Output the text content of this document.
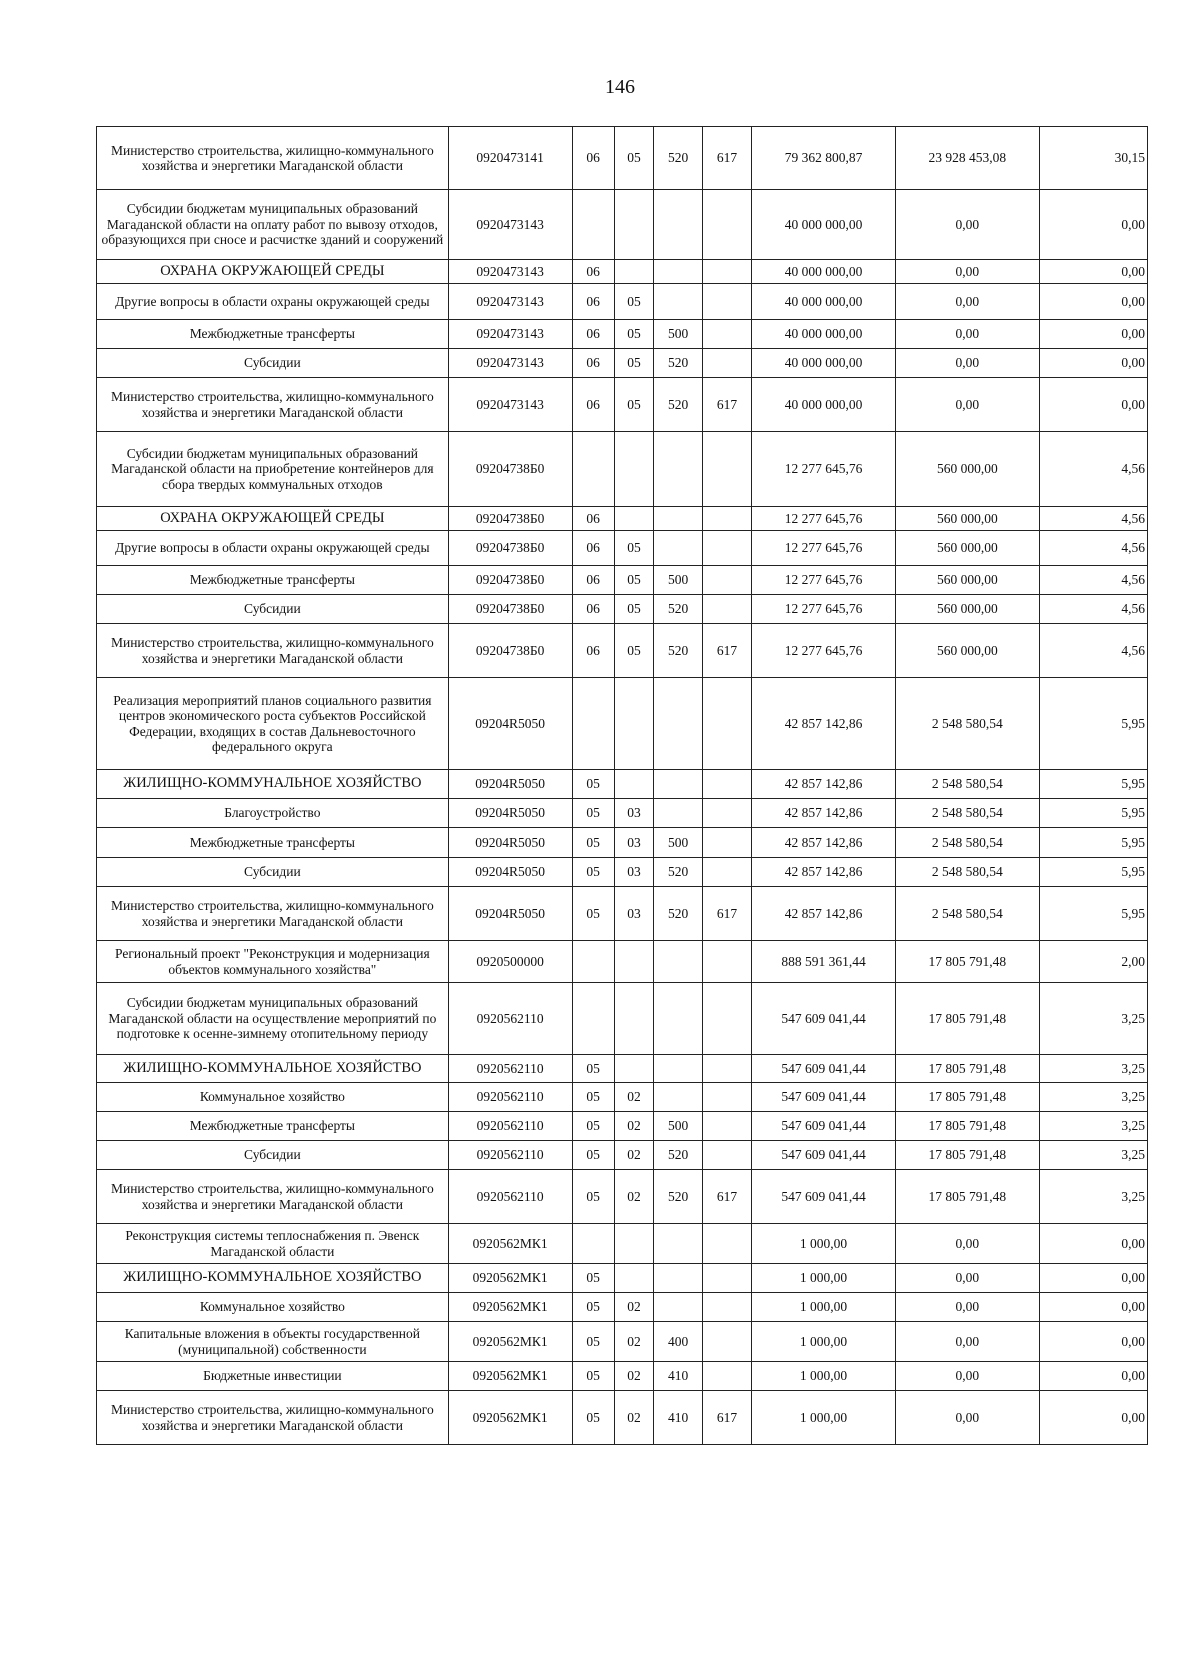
146
Министерство строительства, жилищно-коммунального хозяйства и энергетики Магаданской области	0920473141	06	05	520	617	79 362 800,87	23 928 453,08	30,15
Субсидии бюджетам муниципальных образований Магаданской области на оплату работ по вывозу отходов, образующихся при сносе и расчистке зданий и сооружений	0920473143					40 000 000,00	0,00	0,00
ОХРАНА ОКРУЖАЮЩЕЙ СРЕДЫ	0920473143	06				40 000 000,00	0,00	0,00
Другие вопросы в области охраны окружающей среды	0920473143	06	05			40 000 000,00	0,00	0,00
Межбюджетные трансферты	0920473143	06	05	500		40 000 000,00	0,00	0,00
Субсидии	0920473143	06	05	520		40 000 000,00	0,00	0,00
Министерство строительства, жилищно-коммунального хозяйства и энергетики Магаданской области	0920473143	06	05	520	617	40 000 000,00	0,00	0,00
Субсидии бюджетам муниципальных образований Магаданской области на приобретение контейнеров для сбора твердых коммунальных отходов	09204738Б0					12 277 645,76	560 000,00	4,56
ОХРАНА ОКРУЖАЮЩЕЙ СРЕДЫ	09204738Б0	06				12 277 645,76	560 000,00	4,56
Другие вопросы в области охраны окружающей среды	09204738Б0	06	05			12 277 645,76	560 000,00	4,56
Межбюджетные трансферты	09204738Б0	06	05	500		12 277 645,76	560 000,00	4,56
Субсидии	09204738Б0	06	05	520		12 277 645,76	560 000,00	4,56
Министерство строительства, жилищно-коммунального хозяйства и энергетики Магаданской области	09204738Б0	06	05	520	617	12 277 645,76	560 000,00	4,56
Реализация мероприятий планов социального развития центров экономического роста субъектов Российской Федерации, входящих в состав Дальневосточного федерального округа	09204R5050					42 857 142,86	2 548 580,54	5,95
ЖИЛИЩНО-КОММУНАЛЬНОЕ ХОЗЯЙСТВО	09204R5050	05				42 857 142,86	2 548 580,54	5,95
Благоустройство	09204R5050	05	03			42 857 142,86	2 548 580,54	5,95
Межбюджетные трансферты	09204R5050	05	03	500		42 857 142,86	2 548 580,54	5,95
Субсидии	09204R5050	05	03	520		42 857 142,86	2 548 580,54	5,95
Министерство строительства, жилищно-коммунального хозяйства и энергетики Магаданской области	09204R5050	05	03	520	617	42 857 142,86	2 548 580,54	5,95
Региональный проект "Реконструкция и модернизация объектов коммунального хозяйства"	0920500000					888 591 361,44	17 805 791,48	2,00
Субсидии бюджетам муниципальных образований Магаданской области на осуществление мероприятий по подготовке к осенне-зимнему отопительному периоду	0920562110					547 609 041,44	17 805 791,48	3,25
ЖИЛИЩНО-КОММУНАЛЬНОЕ ХОЗЯЙСТВО	0920562110	05				547 609 041,44	17 805 791,48	3,25
Коммунальное хозяйство	0920562110	05	02			547 609 041,44	17 805 791,48	3,25
Межбюджетные трансферты	0920562110	05	02	500		547 609 041,44	17 805 791,48	3,25
Субсидии	0920562110	05	02	520		547 609 041,44	17 805 791,48	3,25
Министерство строительства, жилищно-коммунального хозяйства и энергетики Магаданской области	0920562110	05	02	520	617	547 609 041,44	17 805 791,48	3,25
Реконструкция системы теплоснабжения п. Эвенск Магаданской области	0920562МК1					1 000,00	0,00	0,00
ЖИЛИЩНО-КОММУНАЛЬНОЕ ХОЗЯЙСТВО	0920562МК1	05				1 000,00	0,00	0,00
Коммунальное хозяйство	0920562МК1	05	02			1 000,00	0,00	0,00
Капитальные вложения в объекты государственной (муниципальной) собственности	0920562МК1	05	02	400		1 000,00	0,00	0,00
Бюджетные инвестиции	0920562МК1	05	02	410		1 000,00	0,00	0,00
Министерство строительства, жилищно-коммунального хозяйства и энергетики Магаданской области	0920562МК1	05	02	410	617	1 000,00	0,00	0,00
